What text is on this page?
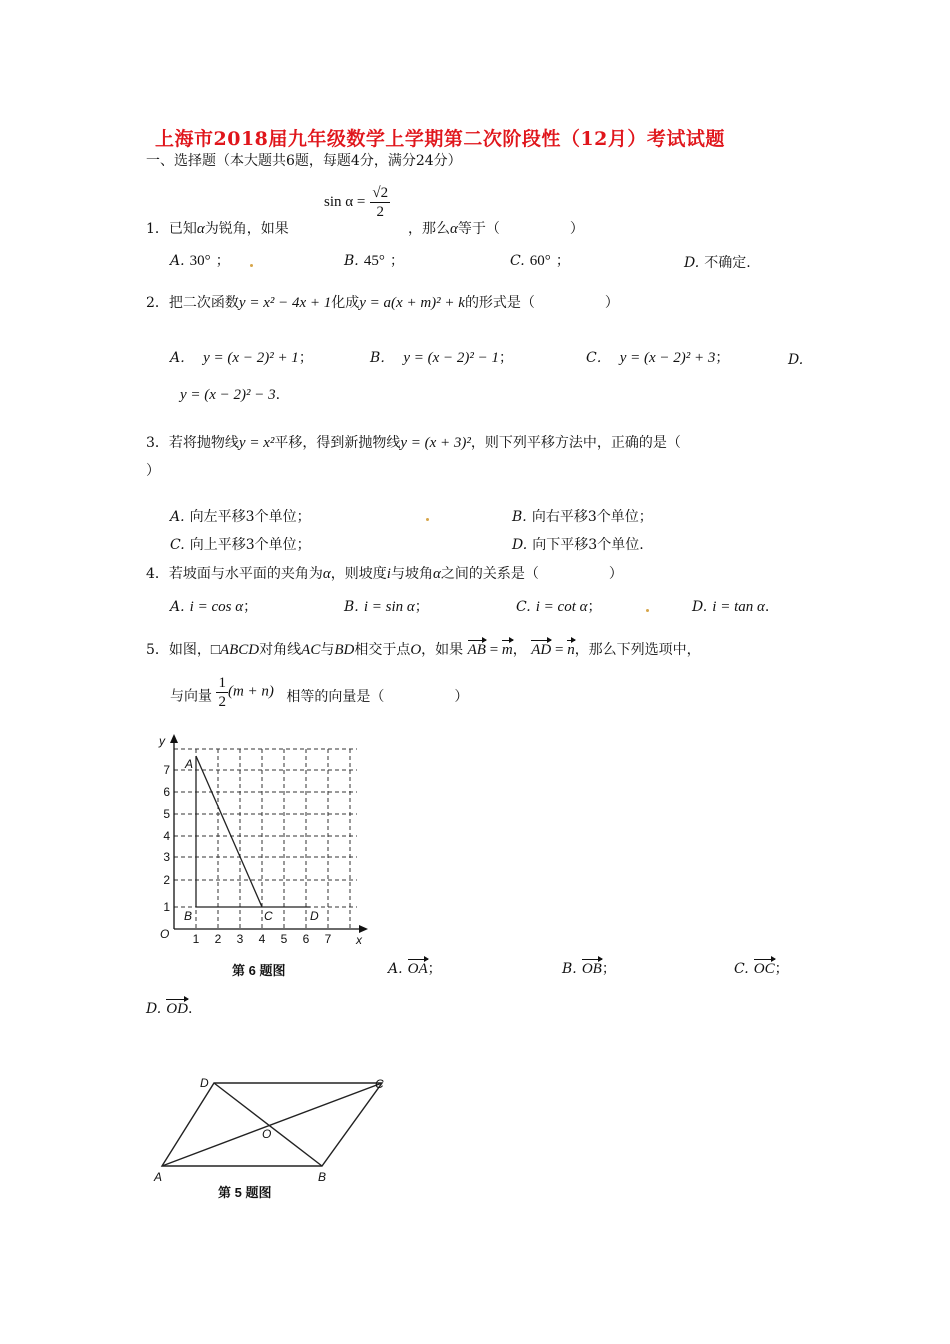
上海市2018届九年级数学上学期第二次阶段性（12月）考试试题
一、选择题（本大题共6题，每题4分，满分24分）
1．已知α为锐角，如果
$\sin \alpha = \frac{√2}{2}$
，那么α等于（　　　　　）
A. 30° ；	B. 45° ；	C. 60° ；	D. 不确定.
2．把二次函数y = x² − 4x + 1化成y = a(x + m)² + k的形式是（　　　　　）
A．　 y = (x − 2)² + 1；	B．　 y = (x − 2)² − 1；	C．　 y = (x − 2)² + 3；	D.
y = (x − 2)² − 3.
3．若将抛物线y = x²平移，得到新抛物线y = (x + 3)²，则下列平移方法中，正确的是（
）
A. 向左平移3个单位；	B. 向右平移3个单位；
C. 向上平移3个单位；	D. 向下平移3个单位.
4．若坡面与水平面的夹角为α，则坡度i与坡角α之间的关系是（　　　　　）
A. i = cos α；	B. i = sin α；	C. i = cot α；	D. i = tan α.
5．如图，□ABCD对角线AC与BD相交于点O，如果 AB = m， AD = n，那么下列选项中，
与向量 $\frac{1}{2} (m + n)$ 相等的向量是（　　　　　）
A. OA；	B. OB；	C. OC；
D. OD.
y
x
O 1 2 3 4 5 6 7
1
2
3
4
5
6
7 A
B	C	D
第 6 题图
A	B
C
D
O
第 5 题图
